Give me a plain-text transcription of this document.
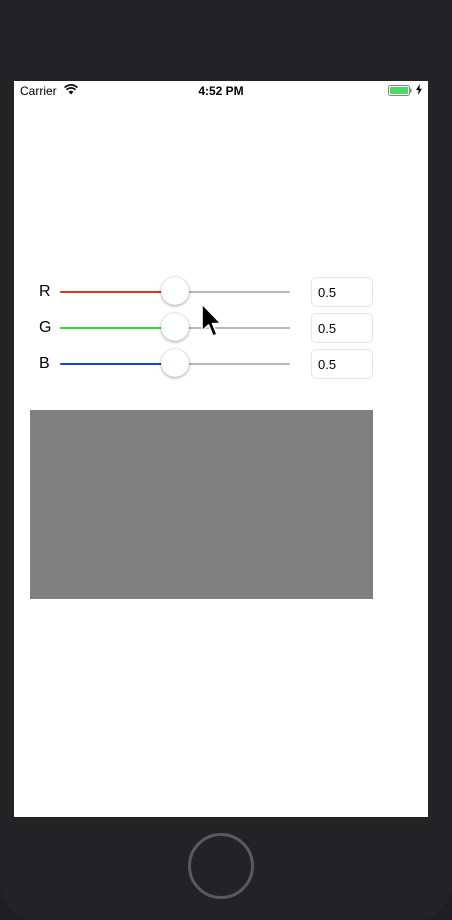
Carrier	4:52 PM
R
0.5
G
0.5
B
0.5
